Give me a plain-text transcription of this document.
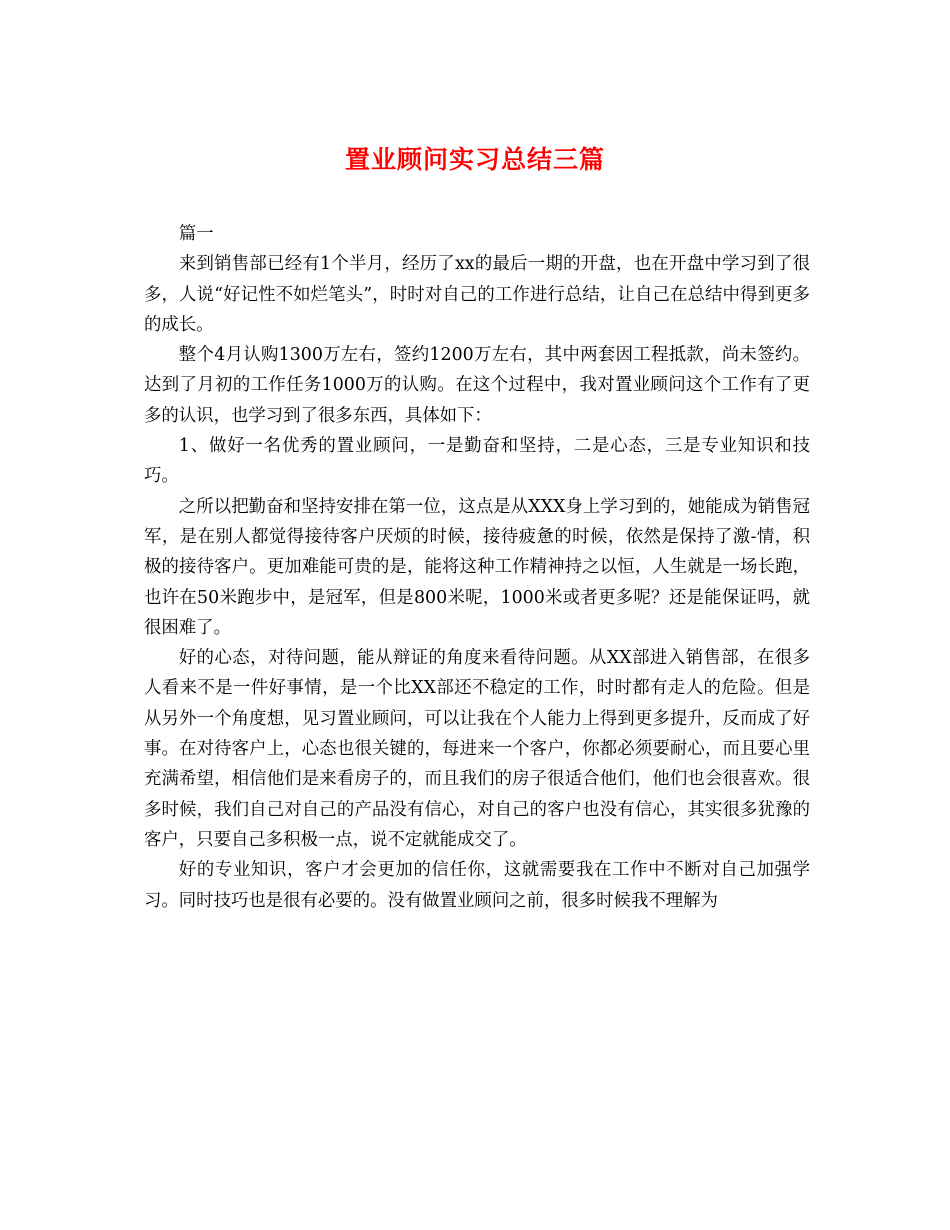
置业顾问实习总结三篇

篇一

来到销售部已经有1个半月，经历了xx的最后一期的开盘，也在开盘中学习到了很多，人说“好记性不如烂笔头”，时时对自己的工作进行总结，让自己在总结中得到更多的成长。

整个4月认购1300万左右，签约1200万左右，其中两套因工程抵款，尚未签约。达到了月初的工作任务1000万的认购。在这个过程中，我对置业顾问这个工作有了更多的认识，也学习到了很多东西，具体如下：

1、做好一名优秀的置业顾问，一是勤奋和坚持，二是心态，三是专业知识和技巧。

之所以把勤奋和坚持安排在第一位，这点是从XXX身上学习到的，她能成为销售冠军，是在别人都觉得接待客户厌烦的时候，接待疲惫的时候，依然是保持了激-情，积极的接待客户。更加难能可贵的是，能将这种工作精神持之以恒，人生就是一场长跑，也许在50米跑步中，是冠军，但是800米呢，1000米或者更多呢？还是能保证吗，就很困难了。

好的心态，对待问题，能从辩证的角度来看待问题。从XX部进入销售部，在很多人看来不是一件好事情，是一个比XX部还不稳定的工作，时时都有走人的危险。但是从另外一个角度想，见习置业顾问，可以让我在个人能力上得到更多提升，反而成了好事。在对待客户上，心态也很关键的，每进来一个客户，你都必须要耐心，而且要心里充满希望，相信他们是来看房子的，而且我们的房子很适合他们，他们也会很喜欢。很多时候，我们自己对自己的产品没有信心，对自己的客户也没有信心，其实很多犹豫的客户，只要自己多积极一点，说不定就能成交了。

好的专业知识，客户才会更加的信任你，这就需要我在工作中不断对自己加强学习。同时技巧也是很有必要的。没有做置业顾问之前，很多时候我不理解为
